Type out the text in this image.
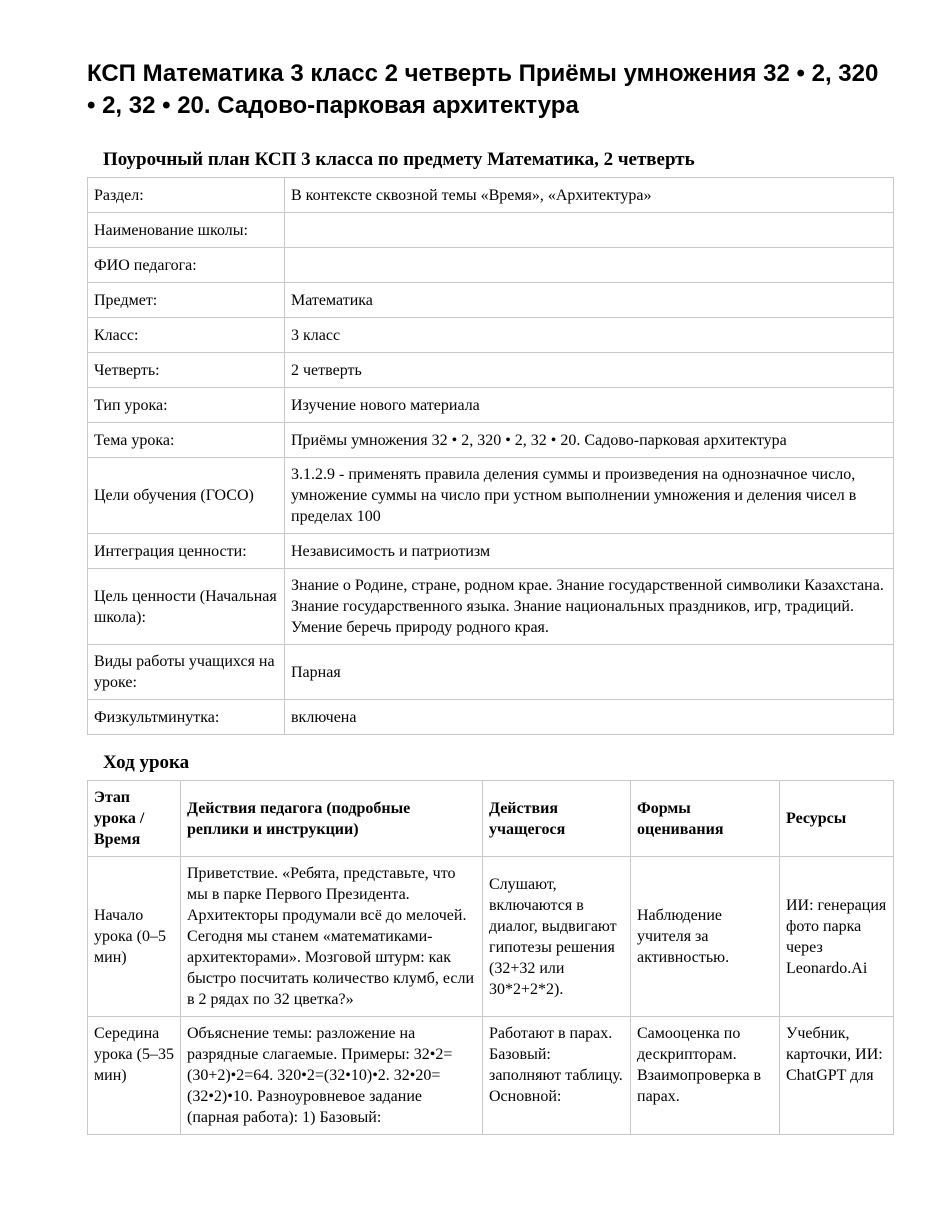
КСП Математика 3 класс 2 четверть Приёмы умножения 32 • 2, 320 • 2, 32 • 20. Садово-парковая архитектура
Поурочный план КСП 3 класса по предмету Математика, 2 четверть
Раздел:	В контексте сквозной темы «Время», «Архитектура»
Наименование школы:	
ФИО педагога:	
Предмет:	Математика
Класс:	3 класс
Четверть:	2 четверть
Тип урока:	Изучение нового материала
Тема урока:	Приёмы умножения 32 • 2, 320 • 2, 32 • 20. Садово-парковая архитектура
Цели обучения (ГОСО)	3.1.2.9 - применять правила деления суммы и произведения на однозначное число, умножение суммы на число при устном выполнении умножения и деления чисел в пределах 100
Интеграция ценности:	Независимость и патриотизм
Цель ценности (Начальная школа):	Знание о Родине, стране, родном крае. Знание государственной символики Казахстана. Знание государственного языка. Знание национальных праздников, игр, традиций. Умение беречь природу родного края.
Виды работы учащихся на уроке:	Парная
Физкультминутка:	включена
Ход урока
Этап урока / Время	Действия педагога (подробные реплики и инструкции)	Действия учащегося	Формы оценивания	Ресурсы
Начало урока (0–5 мин)	Приветствие. «Ребята, представьте, что мы в парке Первого Президента. Архитекторы продумали всё до мелочей. Сегодня мы станем «математиками-архитекторами». Мозговой штурм: как быстро посчитать количество клумб, если в 2 рядах по 32 цветка?»	Слушают, включаются в диалог, выдвигают гипотезы решения (32+32 или 30*2+2*2).	Наблюдение учителя за активностью.	ИИ: генерация фото парка через Leonardo.Ai
Середина урока (5–35 мин)	Объяснение темы: разложение на разрядные слагаемые. Примеры: 32•2=(30+2)•2=64. 320•2=(32•10)•2. 32•20=(32•2)•10. Разноуровневое задание (парная работа): 1) Базовый:	Работают в парах. Базовый: заполняют таблицу. Основной:	Самооценка по дескрипторам. Взаимопроверка в парах.	Учебник, карточки, ИИ: ChatGPT для
